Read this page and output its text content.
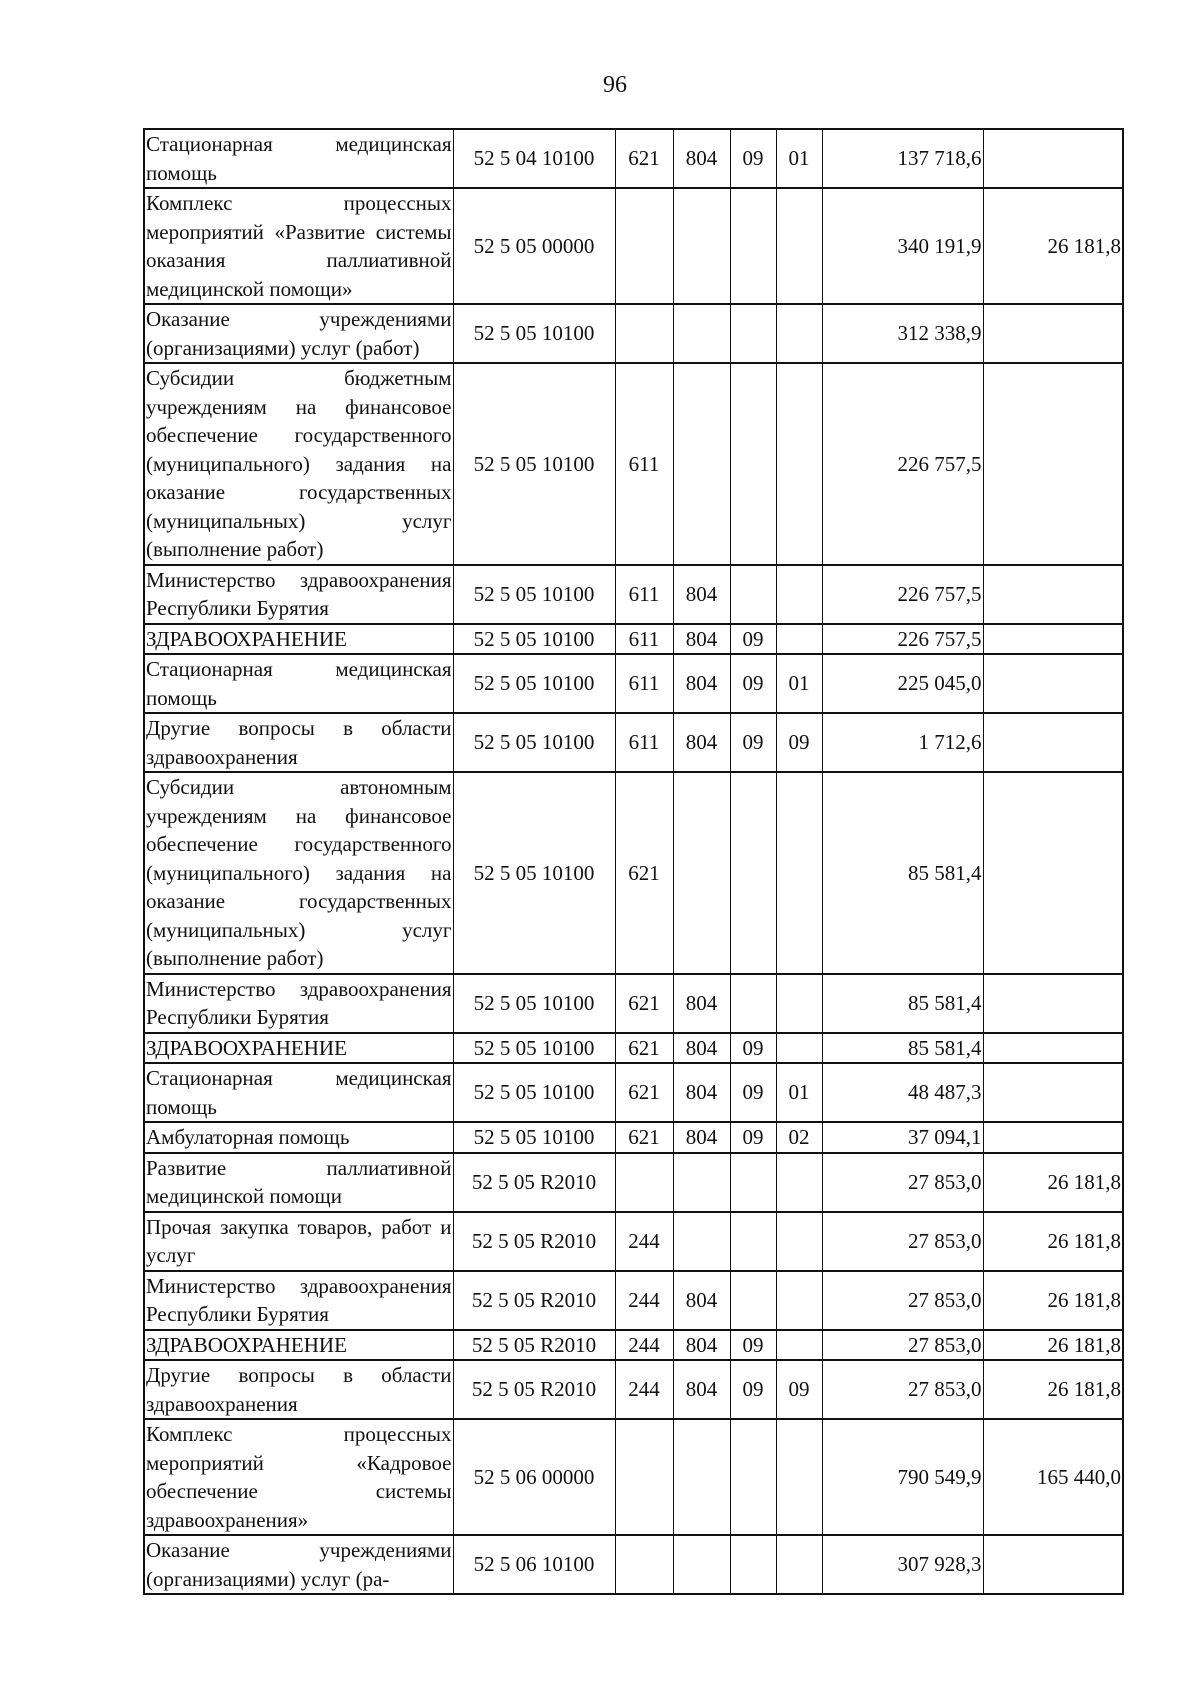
96
Стационарная медицинская помощь	52 5 04 10100	621	804	09	01	137 718,6	
Комплекс процессных мероприятий «Развитие системы оказания паллиативной медицинской помощи»	52 5 05 00000					340 191,9	26 181,8
Оказание учреждениями (организациями) услуг (работ)	52 5 05 10100					312 338,9	
Субсидии бюджетным учреждениям на финансовое обеспечение государственного (муниципального) задания на оказание государственных (муниципальных) услуг (выполнение работ)	52 5 05 10100	611				226 757,5	
Министерство здравоохранения Республики Бурятия	52 5 05 10100	611	804			226 757,5	
ЗДРАВООХРАНЕНИЕ	52 5 05 10100	611	804	09		226 757,5	
Стационарная медицинская помощь	52 5 05 10100	611	804	09	01	225 045,0	
Другие вопросы в области здравоохранения	52 5 05 10100	611	804	09	09	1 712,6	
Субсидии автономным учреждениям на финансовое обеспечение государственного (муниципального) задания на оказание государственных (муниципальных) услуг (выполнение работ)	52 5 05 10100	621				85 581,4	
Министерство здравоохранения Республики Бурятия	52 5 05 10100	621	804			85 581,4	
ЗДРАВООХРАНЕНИЕ	52 5 05 10100	621	804	09		85 581,4	
Стационарная медицинская помощь	52 5 05 10100	621	804	09	01	48 487,3	
Амбулаторная помощь	52 5 05 10100	621	804	09	02	37 094,1	
Развитие паллиативной медицинской помощи	52 5 05 R2010					27 853,0	26 181,8
Прочая закупка товаров, работ и услуг	52 5 05 R2010	244				27 853,0	26 181,8
Министерство здравоохранения Республики Бурятия	52 5 05 R2010	244	804			27 853,0	26 181,8
ЗДРАВООХРАНЕНИЕ	52 5 05 R2010	244	804	09		27 853,0	26 181,8
Другие вопросы в области здравоохранения	52 5 05 R2010	244	804	09	09	27 853,0	26 181,8
Комплекс процессных мероприятий «Кадровое обеспечение системы здравоохранения»	52 5 06 00000					790 549,9	165 440,0
Оказание учреждениями (организациями) услуг (ра-	52 5 06 10100					307 928,3	
